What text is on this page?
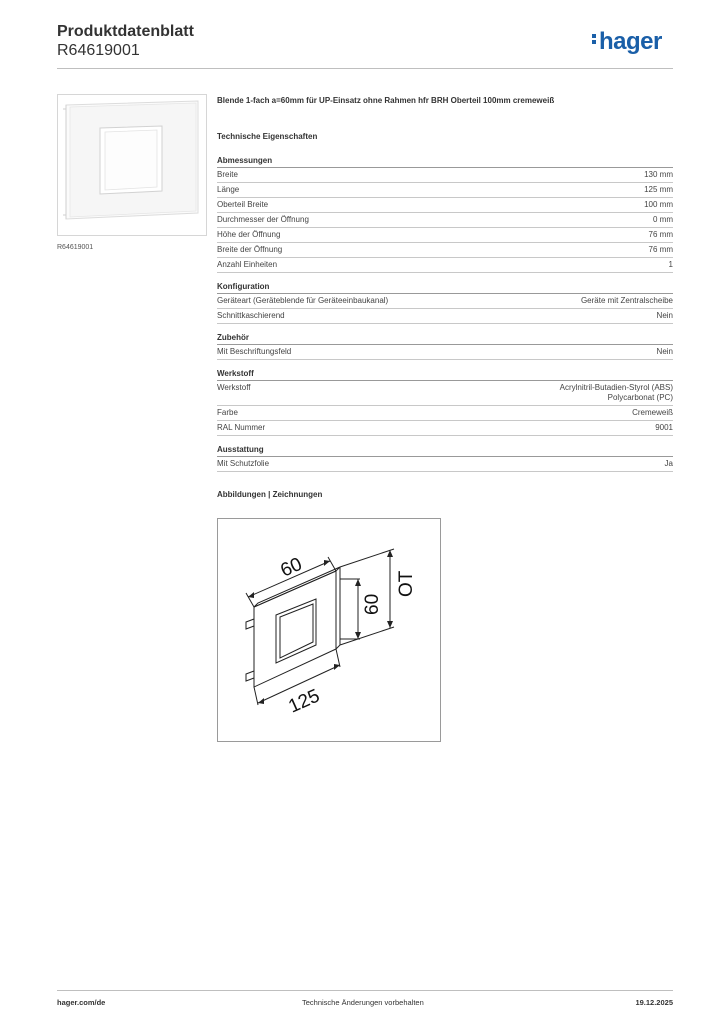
Produktdatenblatt
R64619001	hager
R64619001
Blende 1-fach a=60mm für UP-Einsatz ohne Rahmen hfr BRH Oberteil 100mm cremeweiß
Technische Eigenschaften
Abmessungen
Breite	130 mm
Länge	125 mm
Oberteil Breite	100 mm
Durchmesser der Öffnung	0 mm
Höhe der Öffnung	76 mm
Breite der Öffnung	76 mm
Anzahl Einheiten	1
Konfiguration
Geräteart (Geräteblende für Geräteeinbaukanal)	Geräte mit Zentralscheibe
Schnittkaschierend	Nein
Zubehör
Mit Beschriftungsfeld	Nein
Werkstoff
Werkstoff	Acrylnitril-Butadien-Styrol (ABS)
Polycarbonat (PC)
Farbe	Cremeweiß
RAL Nummer	9001
Ausstattung
Mit Schutzfolie	Ja
Abbildungen | Zeichnungen
60
60
OT
125
hager.com/de	Technische Änderungen vorbehalten	19.12.2025
